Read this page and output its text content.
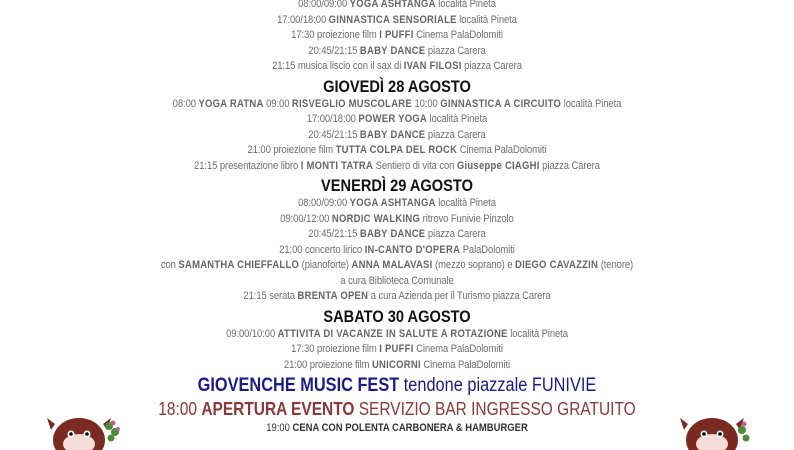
08:00/09:00 YOGA ASHTANGA località Pineta
17:00/18:00 GINNASTICA SENSORIALE località Pineta
17:30 proiezione film I PUFFI Cinema PalaDolomiti
20:45/21:15 BABY DANCE piazza Carera
21:15 musica liscio con il sax di IVAN FILOSI piazza Carera
GIOVEDÌ 28 AGOSTO
08:00 YOGA RATNA 09:00 RISVEGLIO MUSCOLARE 10:00 GINNASTICA A CIRCUITO località Pineta
17:00/18:00 POWER YOGA località Pineta
20:45/21:15 BABY DANCE piazza Carera
21:00 proiezione film TUTTA COLPA DEL ROCK Cinema PalaDolomiti
21:15 presentazione libro I MONTI TATRA Sentiero di vita con Giuseppe CIAGHI piazza Carera
VENERDÌ 29 AGOSTO
08:00/09:00 YOGA ASHTANGA località Pineta
09:00/12:00 NORDIC WALKING ritrovo Funivie Pinzolo
20:45/21:15 BABY DANCE piazza Carera
21:00 concerto lirico IN-CANTO D'OPERA PalaDolomiti
con SAMANTHA CHIEFFALLO (pianoforte) ANNA MALAVASI (mezzo soprano) e DIEGO CAVAZZIN (tenore)
a cura Biblioteca Comunale
21:15 serata BRENTA OPEN a cura Azienda per il Turismo piazza Carera
SABATO 30 AGOSTO
09:00/10:00 ATTIVITA DI VACANZE IN SALUTE A ROTAZIONE località Pineta
17:30 proiezione film I PUFFI Cinema PalaDolomiti
21:00 proiezione film UNICORNI Cinema PalaDolomiti
GIOVENCHE MUSIC FEST tendone piazzale FUNIVIE
18:00 APERTURA EVENTO SERVIZIO BAR INGRESSO GRATUITO
19:00 CENA CON POLENTA CARBONERA & HAMBURGER
